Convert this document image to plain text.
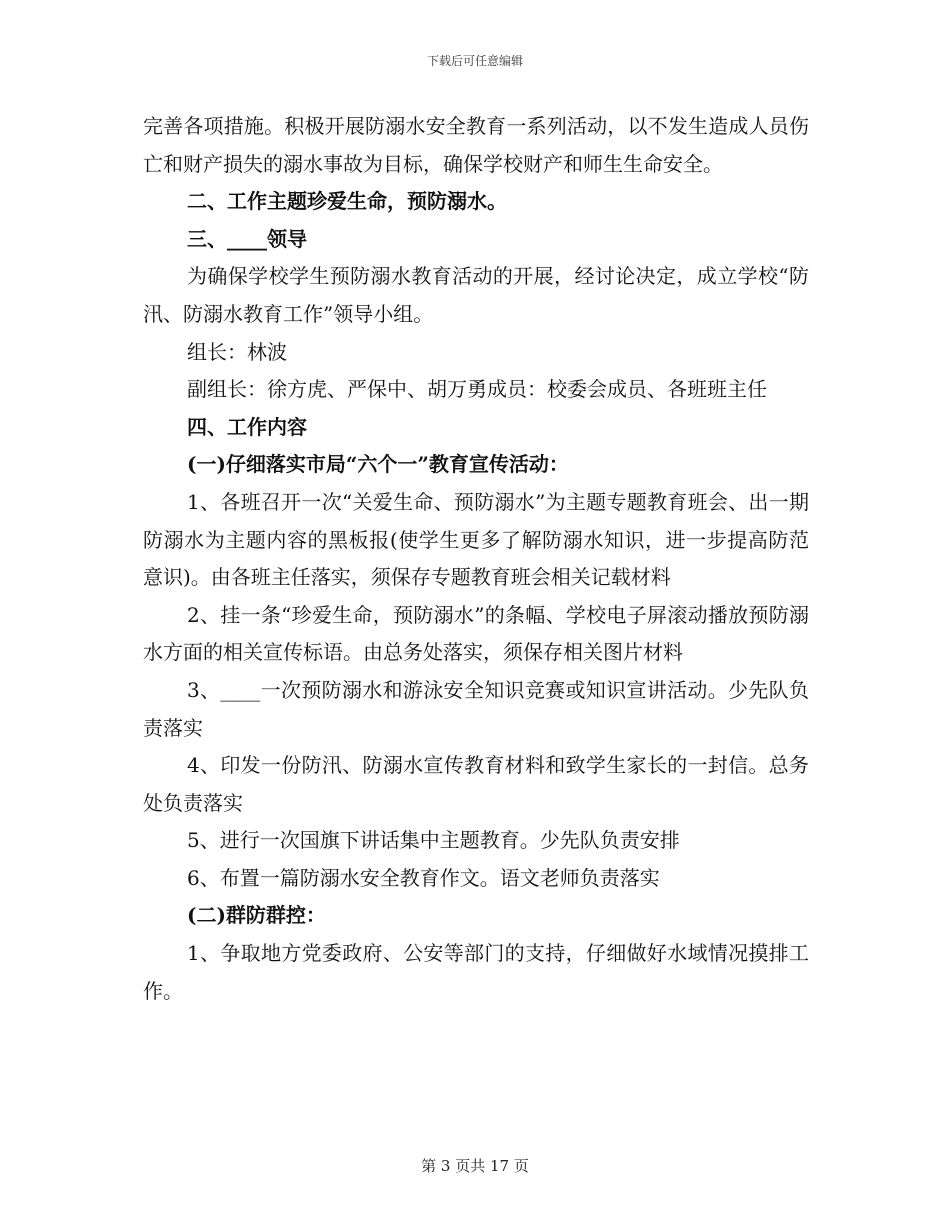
下载后可任意编辑

完善各项措施。积极开展防溺水安全教育一系列活动，以不发生造成人员伤亡和财产损失的溺水事故为目标，确保学校财产和师生生命安全。

二、工作主题珍爱生命，预防溺水。

三、____领导

为确保学校学生预防溺水教育活动的开展，经讨论决定，成立学校“防汛、防溺水教育工作”领导小组。

组长：林波

副组长：徐方虎、严保中、胡万勇成员：校委会成员、各班班主任

四、工作内容

(一)仔细落实市局“六个一”教育宣传活动：

1、各班召开一次“关爱生命、预防溺水”为主题专题教育班会、出一期防溺水为主题内容的黑板报(使学生更多了解防溺水知识，进一步提高防范意识)。由各班主任落实，须保存专题教育班会相关记载材料

2、挂一条“珍爱生命，预防溺水”的条幅、学校电子屏滚动播放预防溺水方面的相关宣传标语。由总务处落实，须保存相关图片材料

3、____一次预防溺水和游泳安全知识竞赛或知识宣讲活动。少先队负责落实

4、印发一份防汛、防溺水宣传教育材料和致学生家长的一封信。总务处负责落实

5、进行一次国旗下讲话集中主题教育。少先队负责安排

6、布置一篇防溺水安全教育作文。语文老师负责落实

(二)群防群控：

1、争取地方党委政府、公安等部门的支持，仔细做好水域情况摸排工作。

第 3 页共 17 页
